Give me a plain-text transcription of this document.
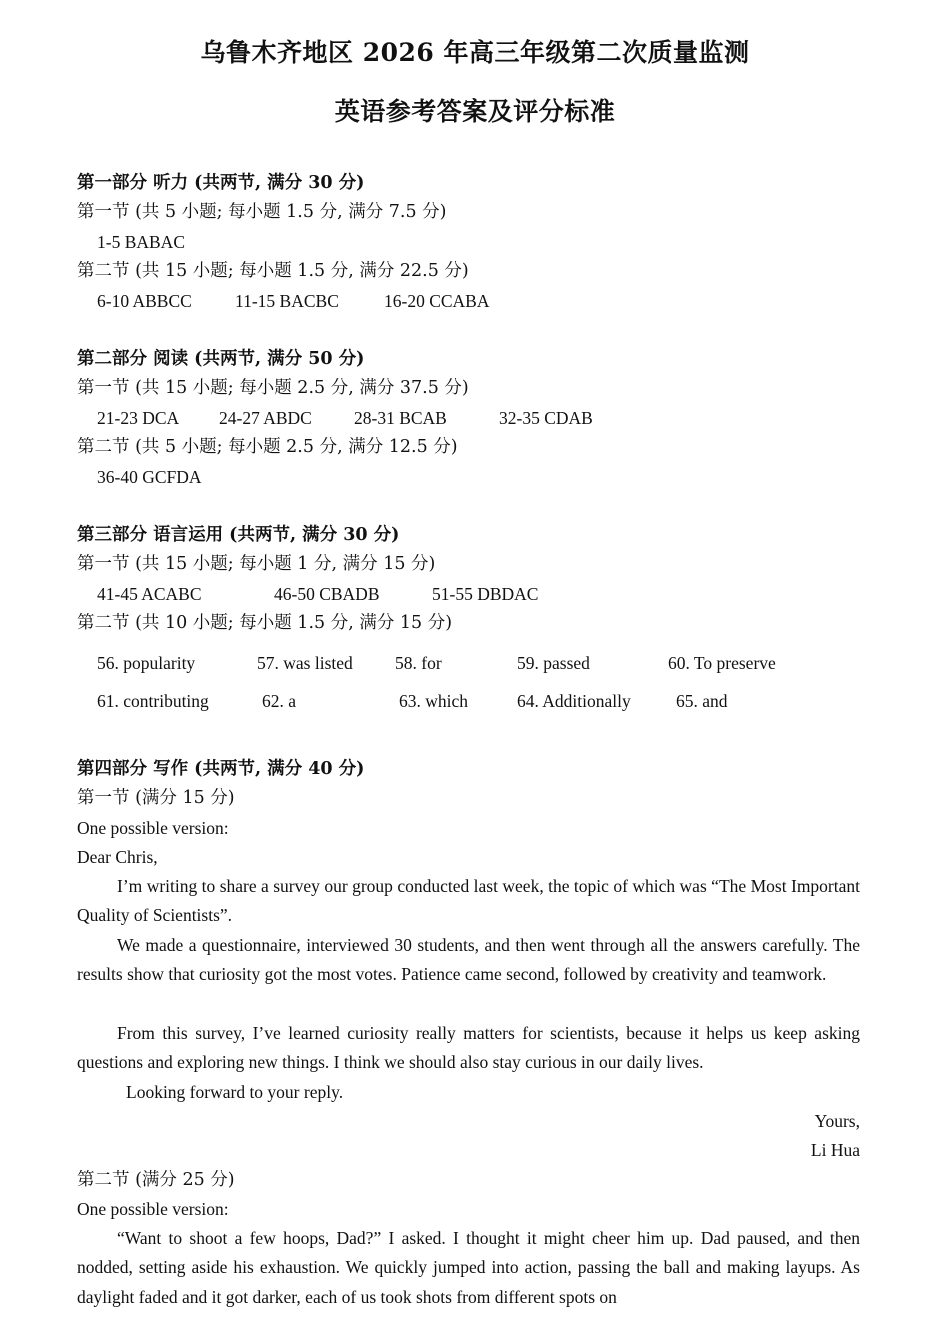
乌鲁木齐地区 2026 年高三年级第二次质量监测
英语参考答案及评分标准
第一部分 听力 (共两节, 满分 30 分)
第一节 (共 5 小题; 每小题 1.5 分, 满分 7.5 分)
1-5 BABAC
第二节 (共 15 小题; 每小题 1.5 分, 满分 22.5 分)
6-10 ABBCC 11-15 BACBC	16-20 CCABA
第二部分 阅读 (共两节, 满分 50 分)
第一节 (共 15 小题; 每小题 2.5 分, 满分 37.5 分)
21-23 DCA 24-27 ABDC 28-31 BCAB	32-35 CDAB
第二节 (共 5 小题; 每小题 2.5 分, 满分 12.5 分)
36-40 GCFDA
第三部分 语言运用 (共两节, 满分 30 分)
第一节 (共 15 小题; 每小题 1 分, 满分 15 分)
41-45 ACABC	46-50 CBADB	51-55 DBDAC
第二节 (共 10 小题; 每小题 1.5 分, 满分 15 分)
56. popularity	57. was listed 58. for	59. passed	60. To preserve
61. contributing	62. a	63. which	64. Additionally	65. and
第四部分 写作 (共两节, 满分 40 分)
第一节 (满分 15 分)
One possible version:
Dear Chris,
I’m writing to share a survey our group conducted last week, the topic of which was “The Most Important Quality of Scientists”.
We made a questionnaire, interviewed 30 students, and then went through all the answers carefully. The results show that curiosity got the most votes. Patience came second, followed by creativity and teamwork.
From this survey, I’ve learned curiosity really matters for scientists, because it helps us keep asking questions and exploring new things. I think we should also stay curious in our daily lives.
Looking forward to your reply.
Yours,
Li Hua
第二节 (满分 25 分)
One possible version:
“Want to shoot a few hoops, Dad?” I asked. I thought it might cheer him up. Dad paused, and then nodded, setting aside his exhaustion. We quickly jumped into action, passing the ball and making layups. As daylight faded and it got darker, each of us took shots from different spots on
